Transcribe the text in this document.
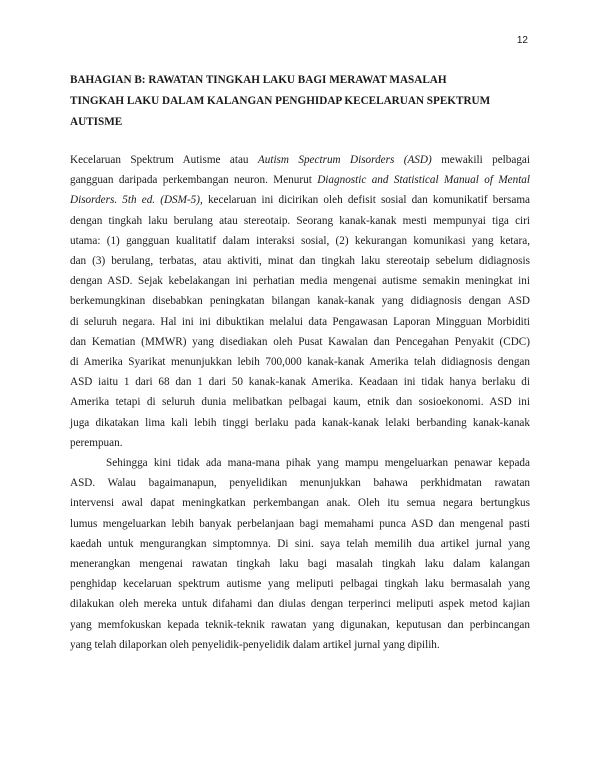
12
BAHAGIAN B: RAWATAN TINGKAH LAKU BAGI MERAWAT MASALAH
TINGKAH LAKU DALAM KALANGAN PENGHIDAP KECELARUAN SPEKTRUM
AUTISME

Kecelaruan Spektrum Autisme atau Autism Spectrum Disorders (ASD) mewakili pelbagai
gangguan daripada perkembangan neuron. Menurut Diagnostic and Statistical Manual of Mental
Disorders. 5th ed. (DSM-5), kecelaruan ini dicirikan oleh defisit sosial dan komunikatif bersama
dengan tingkah laku berulang atau stereotaip. Seorang kanak-kanak mesti mempunyai tiga ciri
utama: (1) gangguan kualitatif dalam interaksi sosial, (2) kekurangan komunikasi yang ketara,
dan (3) berulang, terbatas, atau aktiviti, minat dan tingkah laku stereotaip sebelum didiagnosis
dengan ASD. Sejak kebelakangan ini perhatian media mengenai autisme semakin meningkat ini
berkemungkinan disebabkan peningkatan bilangan kanak-kanak yang didiagnosis dengan ASD
di seluruh negara. Hal ini ini dibuktikan melalui data Pengawasan Laporan Mingguan Morbiditi
dan Kematian (MMWR) yang disediakan oleh Pusat Kawalan dan Pencegahan Penyakit (CDC)
di Amerika Syarikat menunjukkan lebih 700,000 kanak-kanak Amerika telah didiagnosis dengan
ASD iaitu 1 dari 68 dan 1 dari 50 kanak-kanak Amerika. Keadaan ini tidak hanya berlaku di
Amerika tetapi di seluruh dunia melibatkan pelbagai kaum, etnik dan sosioekonomi. ASD ini
juga dikatakan lima kali lebih tinggi berlaku pada kanak-kanak lelaki berbanding kanak-kanak
perempuan.

Sehingga kini tidak ada mana-mana pihak yang mampu mengeluarkan penawar kepada
ASD. Walau bagaimanapun, penyelidikan menunjukkan bahawa perkhidmatan rawatan
intervensi awal dapat meningkatkan perkembangan anak. Oleh itu semua negara bertungkus
lumus mengeluarkan lebih banyak perbelanjaan bagi memahami punca ASD dan mengenal pasti
kaedah untuk mengurangkan simptomnya. Di sini. saya telah memilih dua artikel jurnal yang
menerangkan mengenai rawatan tingkah laku bagi masalah tingkah laku dalam kalangan
penghidap kecelaruan spektrum autisme yang meliputi pelbagai tingkah laku bermasalah yang
dilakukan oleh mereka untuk difahami dan diulas dengan terperinci meliputi aspek metod kajian
yang memfokuskan kepada teknik-teknik rawatan yang digunakan, keputusan dan perbincangan
yang telah dilaporkan oleh penyelidik-penyelidik dalam artikel jurnal yang dipilih.
